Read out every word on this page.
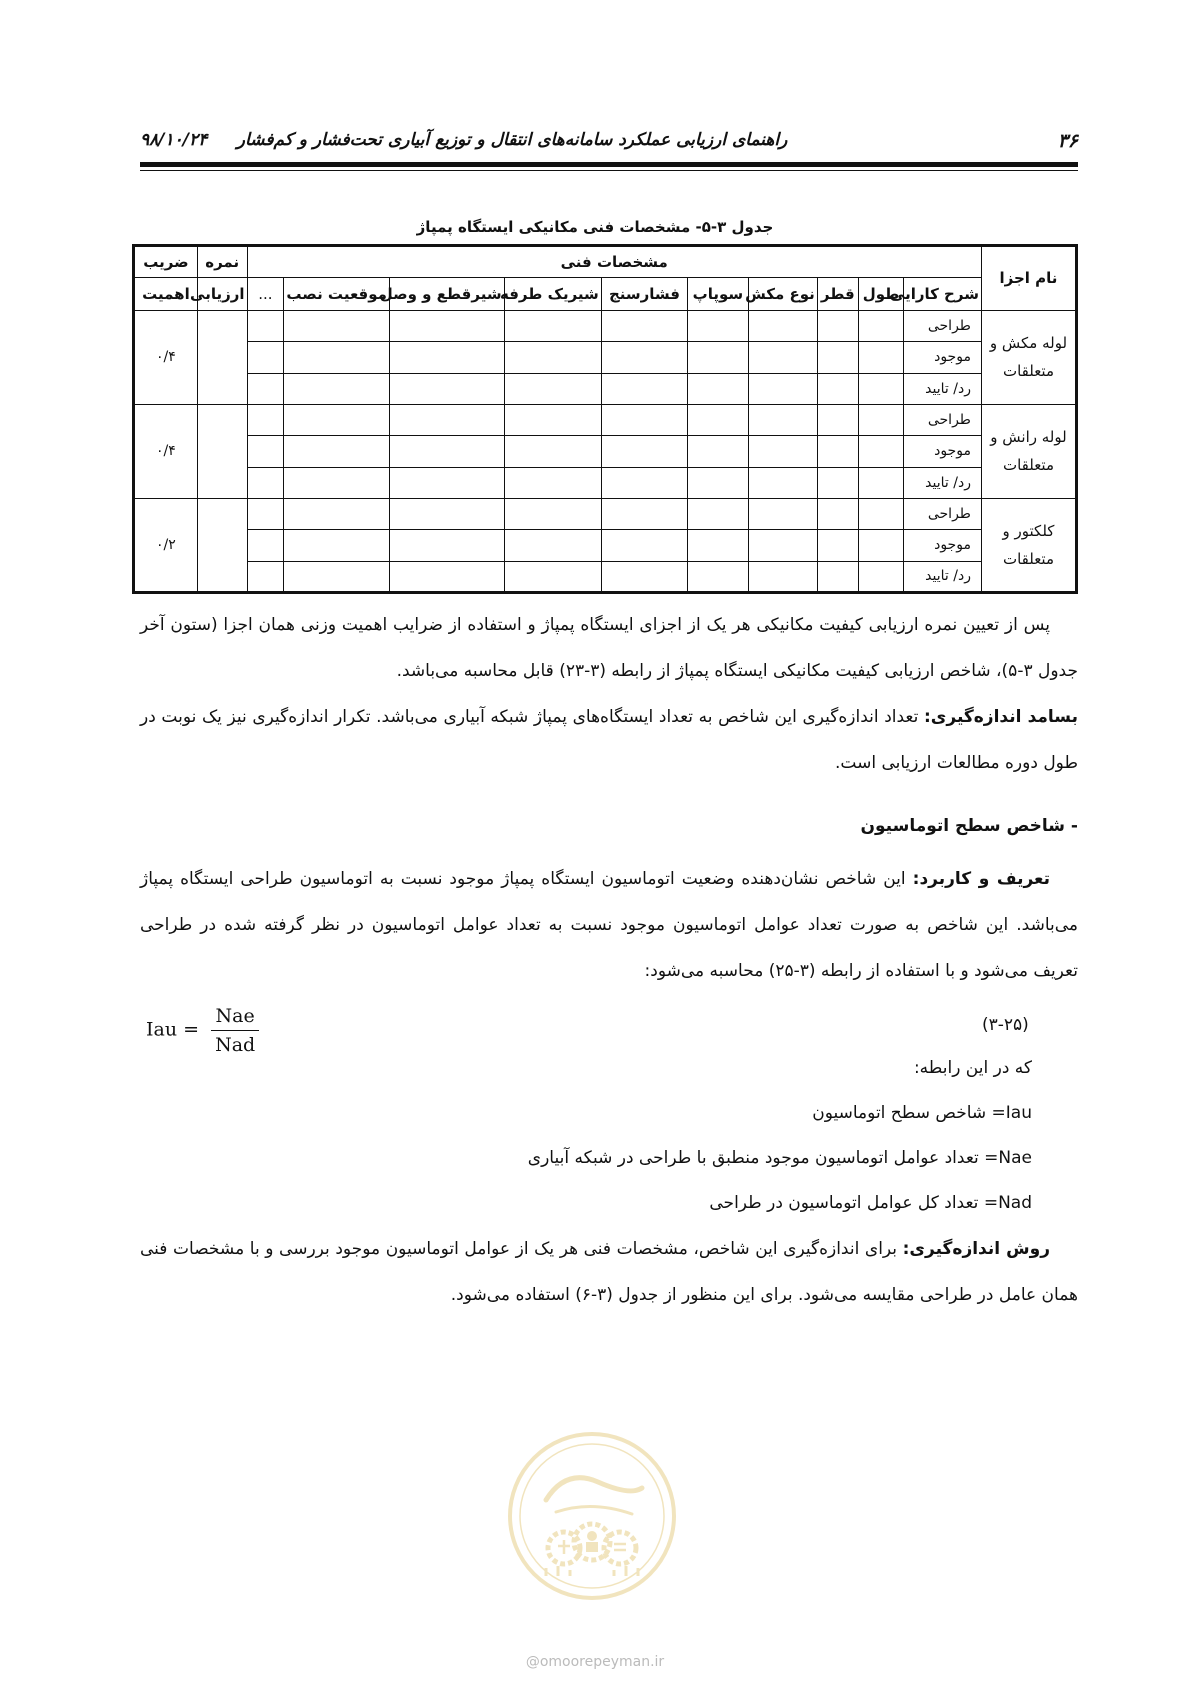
۳۶
راهنمای ارزیابی عملکرد سامانه‌های انتقال و توزیع آبیاری تحت‌فشار و کم‌فشار     ۹۸/۱۰/۲۴
جدول ۳-۵- مشخصات فنی مکانیکی ایستگاه پمپاژ
نام اجزا	مشخصات فنی										نمره	ضریب
	شرح کارایی	طول	قطر	نوع مکش	سوپاپ	فشارسنج	شیریک طرفه	شیرقطع و وصل	موقعیت نصب	...	ارزیابی	اهمیت
لوله مکش و متعلقات	طراحی											۰/۴
	موجود											
	رد/ تایید											
لوله رانش و متعلقات	طراحی											۰/۴
	موجود											
	رد/ تایید											
کلکتور و متعلقات	طراحی											۰/۲
	موجود											
	رد/ تایید											
پس از تعیین نمره ارزیابی کیفیت مکانیکی هر یک از اجزای ایستگاه پمپاژ و استفاده از ضرایب اهمیت وزنی همان اجزا (ستون آخر جدول ۳-۵)، شاخص ارزیابی کیفیت مکانیکی ایستگاه پمپاژ از رابطه (۳-۲۳) قابل محاسبه می‌باشد.
بسامد اندازه‌گیری: تعداد اندازه‌گیری این شاخص به تعداد ایستگاه‌های پمپاژ شبکه آبیاری می‌باشد. تکرار اندازه‌گیری نیز یک نوبت در طول دوره مطالعات ارزیابی است.
- شاخص سطح اتوماسیون
تعریف و کاربرد: این شاخص نشان‌دهنده وضعیت اتوماسیون ایستگاه پمپاژ موجود نسبت به اتوماسیون طراحی ایستگاه پمپاژ می‌باشد. این شاخص به صورت تعداد عوامل اتوماسیون موجود نسبت به تعداد عوامل اتوماسیون در نظر گرفته شده در طراحی تعریف می‌شود و با استفاده از رابطه (۳-۲۵) محاسبه می‌شود:
Iau = $\frac{\text{Nae}}{\text{Nad}}$	(۳-۲۵)
که در این رابطه:
Iau= شاخص سطح اتوماسیون
Nae= تعداد عوامل اتوماسیون موجود منطبق با طراحی در شبکه آبیاری
Nad= تعداد کل عوامل اتوماسیون در طراحی
روش اندازه‌گیری: برای اندازه‌گیری این شاخص، مشخصات فنی هر یک از عوامل اتوماسیون موجود بررسی و با مشخصات فنی همان عامل در طراحی مقایسه می‌شود. برای این منظور از جدول (۳-۶) استفاده می‌شود.
@omoorepeyman.ir
